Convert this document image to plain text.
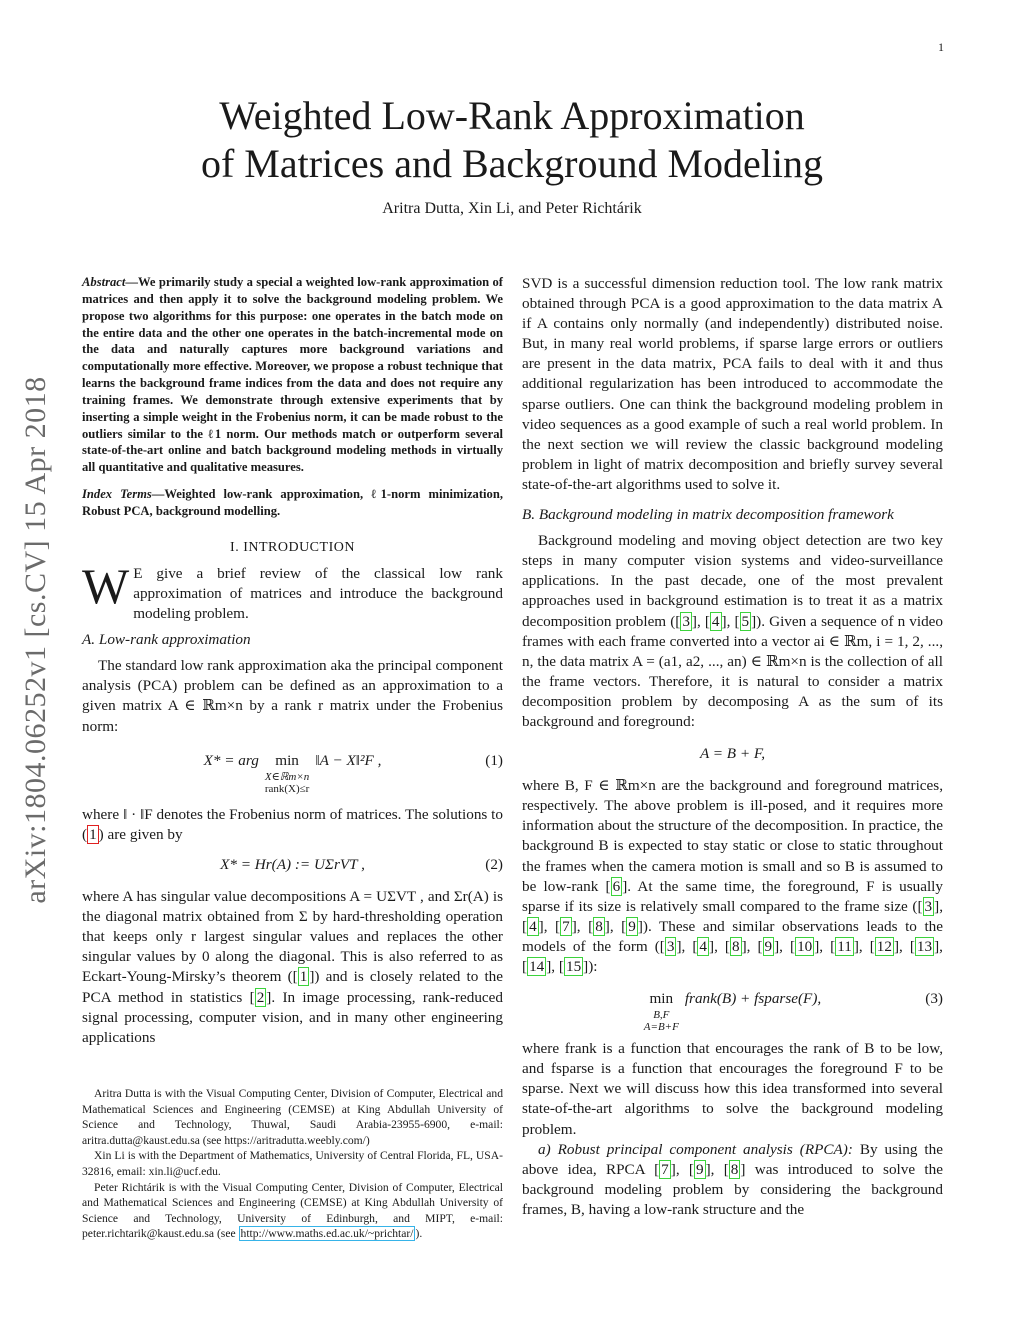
1
arXiv:1804.06252v1 [cs.CV] 15 Apr 2018
Weighted Low-Rank Approximation
of Matrices and Background Modeling
Aritra Dutta, Xin Li, and Peter Richtárik

Abstract—We primarily study a special a weighted low-rank approximation of matrices and then apply it to solve the background modeling problem. We propose two algorithms for this purpose: one operates in the batch mode on the entire data and the other one operates in the batch-incremental mode on the data and naturally captures more background variations and computationally more effective. Moreover, we propose a robust technique that learns the background frame indices from the data and does not require any training frames. We demonstrate through extensive experiments that by inserting a simple weight in the Frobenius norm, it can be made robust to the outliers similar to the ℓ1 norm. Our methods match or outperform several state-of-the-art online and batch background modeling methods in virtually all quantitative and qualitative measures.

Index Terms—Weighted low-rank approximation, ℓ1-norm minimization, Robust PCA, background modelling.

I. INTRODUCTION

W E give a brief review of the classical low rank approximation of matrices and introduce the background modeling problem.

A. Low-rank approximation

The standard low rank approximation aka the principal component analysis (PCA) problem can be defined as an approximation to a given matrix A ∈ ℝm×n by a rank r matrix under the Frobenius norm:

X* = arg	min
X∈ℝm×n
rank(X)≤r
‖A − X‖²F ,	(1)

where ‖ · ‖F denotes the Frobenius norm of matrices. The solutions to ( 1 ) are given by

X* = Hr(A) := UΣrVT ,	(2)

where A has singular value decompositions A = UΣVT , and Σr(A) is the diagonal matrix obtained from Σ by hard-thresholding operation that keeps only r largest singular values and replaces the other singular values by 0 along the diagonal. This is also referred to as Eckart-Young-Mirsky’s theorem ([ 1 ]) and is closely related to the PCA method in statistics [ 2 ]. In image processing, rank-reduced signal processing, computer vision, and in many other engineering applications

Aritra Dutta is with the Visual Computing Center, Division of Computer, Electrical and Mathematical Sciences and Engineering (CEMSE) at King Abdullah University of Science and Technology, Thuwal, Saudi Arabia-23955-6900, e-mail: aritra.dutta@kaust.edu.sa (see https://aritradutta.weebly.com/)

Xin Li is with the Department of Mathematics, University of Central Florida, FL, USA-32816, email: xin.li@ucf.edu.

Peter Richtárik is with the Visual Computing Center, Division of Computer, Electrical and Mathematical Sciences and Engineering (CEMSE) at King Abdullah University of Science and Technology, University of Edinburgh, and MIPT, e-mail: peter.richtarik@kaust.edu.sa (see http://www.maths.ed.ac.uk/~prichtar/ ).

SVD is a successful dimension reduction tool. The low rank matrix obtained through PCA is a good approximation to the data matrix A if A contains only normally (and independently) distributed noise. But, in many real world problems, if sparse large errors or outliers are present in the data matrix, PCA fails to deal with it and thus additional regularization has been introduced to accommodate the sparse outliers. One can think the background modeling problem in video sequences as a good example of such a real world problem. In the next section we will review the classic background modeling problem in light of matrix decomposition and briefly survey several state-of-the-art algorithms used to solve it.

B. Background modeling in matrix decomposition framework

Background modeling and moving object detection are two key steps in many computer vision systems and video-surveillance applications. In the past decade, one of the most prevalent approaches used in background estimation is to treat it as a matrix decomposition problem ([ 3 ], [ 4 ], [ 5 ]). Given a sequence of n video frames with each frame converted into a vector ai ∈ ℝm, i = 1, 2, ..., n, the data matrix A = (a1, a2, ..., an) ∈ ℝm×n is the collection of all the frame vectors. Therefore, it is natural to consider a matrix decomposition problem by decomposing A as the sum of its background and foreground:

A = B + F,

where B, F ∈ ℝm×n are the background and foreground matrices, respectively. The above problem is ill-posed, and it requires more information about the structure of the decomposition. In practice, the background B is expected to stay static or close to static throughout the frames when the camera motion is small and so B is assumed to be low-rank [ 6 ]. At the same time, the foreground, F is usually sparse if its size is relatively small compared to the frame size ([ 3 ], [ 4 ], [ 7 ], [ 8 ], [ 9 ]). These and similar observations leads to the models of the form ([ 3 ], [ 4 ], [ 8 ], [ 9 ], [ 10 ], [ 11 ], [ 12 ], [ 13 ], [ 14 ], [ 15 ]):

min
B,F
A=B+F
frank(B) + fsparse(F),	(3)

where frank is a function that encourages the rank of B to be low, and fsparse is a function that encourages the foreground F to be sparse. Next we will discuss how this idea transformed into several state-of-the-art algorithms to solve the background modeling problem.

a) Robust principal component analysis (RPCA): By using the above idea, RPCA [ 7 ], [ 9 ], [ 8 ] was introduced to solve the background modeling problem by considering the background frames, B, having a low-rank structure and the
